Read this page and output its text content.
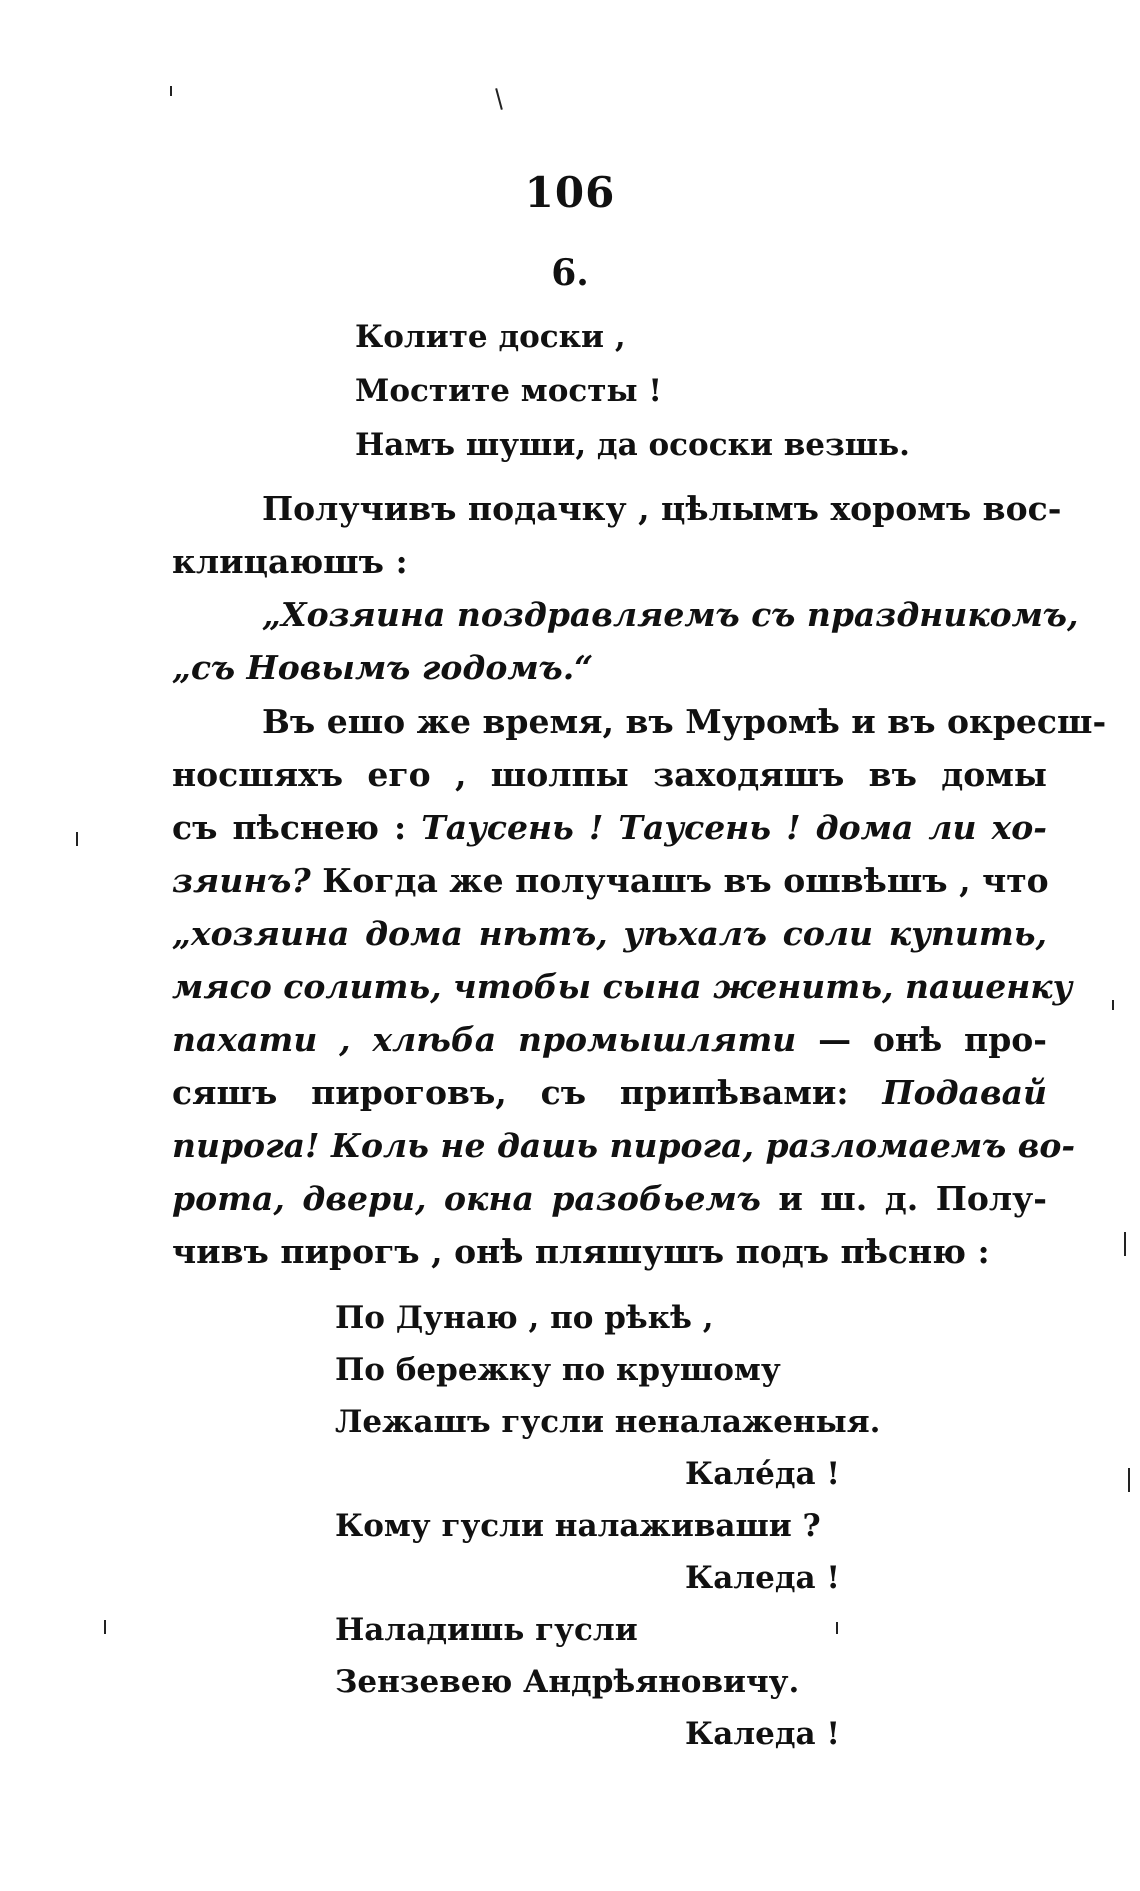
106
6.
Колите доски ,
Мостите мосты !
Намъ шуши, да ососки везшь.
Получивъ подачку , цѣлымъ хоромъ вос-
клицаюшъ :
„Хозяина поздравляемъ съ праздникомъ,
„съ Новымъ годомъ.“
Въ ешо же время, въ Муромѣ и въ окресш-
носшяхъ его , шолпы заходяшъ въ домы
съ пѣснею : Таусень ! Таусень ! дома ли хо-
зяинъ? Когда же получашъ въ ошвѣшъ , что
„хозяина дома нѣтъ, уѣхалъ соли купить,
мясо солить, чтобы сына женить, пашенку
пахати , хлѣба промышляти — онѣ про-
сяшъ пироговъ, съ припѣвами: Подавай
пирога! Коль не дашь пирога, разломаемъ во-
рота, двери, окна разобьемъ и ш. д. Полу-
чивъ пирогъ , онѣ пляшушъ подъ пѣсню :
По Дунаю , по рѣкѣ ,
По бережку по крушому
Лежашъ гусли неналаженыя.
Калéда !
Кому гусли налаживаши ?
Каледа !
Наладишь гусли
Зензевею Андрѣяновичу.
Каледа !
